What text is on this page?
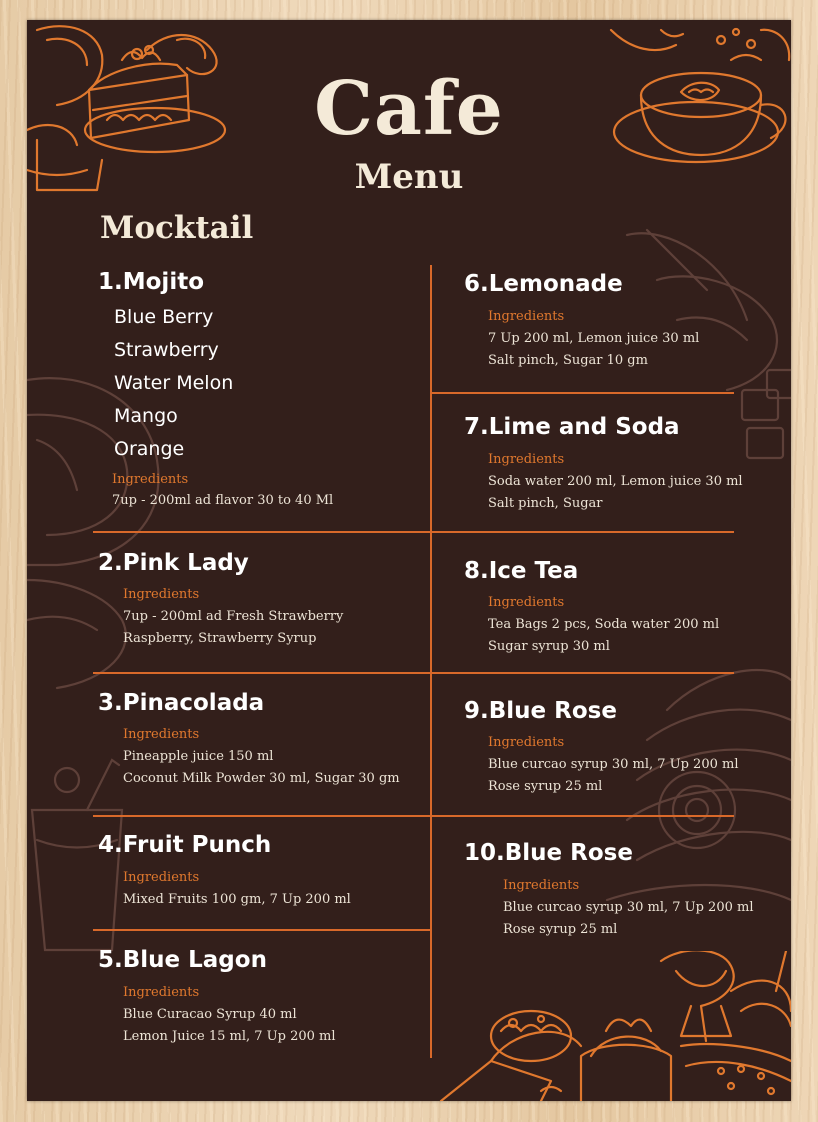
Cafe
Menu
Mocktail
1.Mojito
Blue Berry
Strawberry
Water Melon
Mango
Orange
Ingredients
7up - 200ml ad flavor 30 to 40 Ml
2.Pink Lady
Ingredients
7up - 200ml ad Fresh Strawberry
Raspberry, Strawberry Syrup
3.Pinacolada
Ingredients
Pineapple juice 150 ml
Coconut Milk Powder 30 ml, Sugar 30 gm
4.Fruit Punch
Ingredients
Mixed Fruits 100 gm, 7 Up 200 ml
5.Blue Lagon
Ingredients
Blue Curacao Syrup 40 ml
Lemon Juice 15 ml, 7 Up 200 ml
6.Lemonade
Ingredients
7 Up 200 ml, Lemon juice 30 ml
Salt pinch, Sugar 10 gm
7.Lime and Soda
Ingredients
Soda water 200 ml, Lemon juice 30 ml
Salt pinch, Sugar
8.Ice Tea
Ingredients
Tea Bags 2 pcs, Soda water 200 ml
Sugar syrup 30 ml
9.Blue Rose
Ingredients
Blue curcao syrup 30 ml, 7 Up 200 ml
Rose syrup 25 ml
10.Blue Rose
Ingredients
Blue curcao syrup 30 ml, 7 Up 200 ml
Rose syrup 25 ml
